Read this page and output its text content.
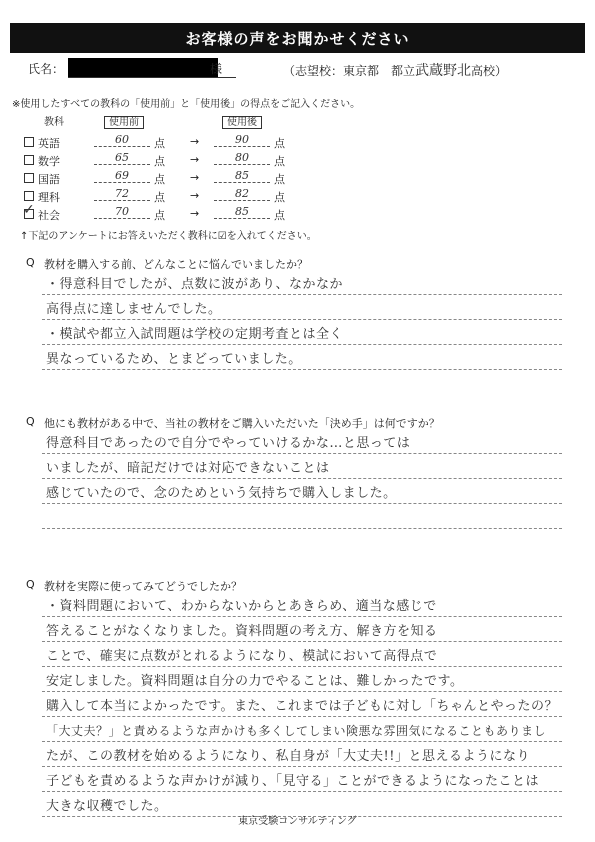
お客様の声をお聞かせください
氏名：	様	（志望校：東京都　都立武蔵野北高校）
※使用したすべての教科の「使用前」と「使用後」の得点をご記入ください。
教科	使用前	使用後
英語	60	点 →	90	点
数学	65	点 →	80	点
国語	69	点 →	85	点
理科	72	点 →	82	点
✓ 社会	70	点 →	85	点
↑下記のアンケートにお答えいただく教科に☑を入れてください。
Q 教材を購入する前、どんなことに悩んでいましたか？
・得意科目でしたが、点数に波があり、なかなか
高得点に達しませんでした。
・模試や都立入試問題は学校の定期考査とは全く
異なっているため、とまどっていました。
Q 他にも教材がある中で、当社の教材をご購入いただいた「決め手」は何ですか？
得意科目であったので自分でやっていけるかな…と思っては
いましたが、暗記だけでは対応できないことは
感じていたので、念のためという気持ちで購入しました。
Q 教材を実際に使ってみてどうでしたか？
・資料問題において、わからないからとあきらめ、適当な感じで
答えることがなくなりました。資料問題の考え方、解き方を知る
ことで、確実に点数がとれるようになり、模試において高得点で
安定しました。資料問題は自分の力でやることは、難しかったです。
購入して本当によかったです。また、これまでは子どもに対し「ちゃんとやったの？
「大丈夫？」と責めるような声かけも多くしてしまい険悪な雰囲気になることもありまし
たが、この教材を始めるようになり、私自身が「大丈夫!!」と思えるようになり
子どもを責めるような声かけが減り、「見守る」ことができるようになったことは
大きな収穫でした。
東京受験コンサルティング
